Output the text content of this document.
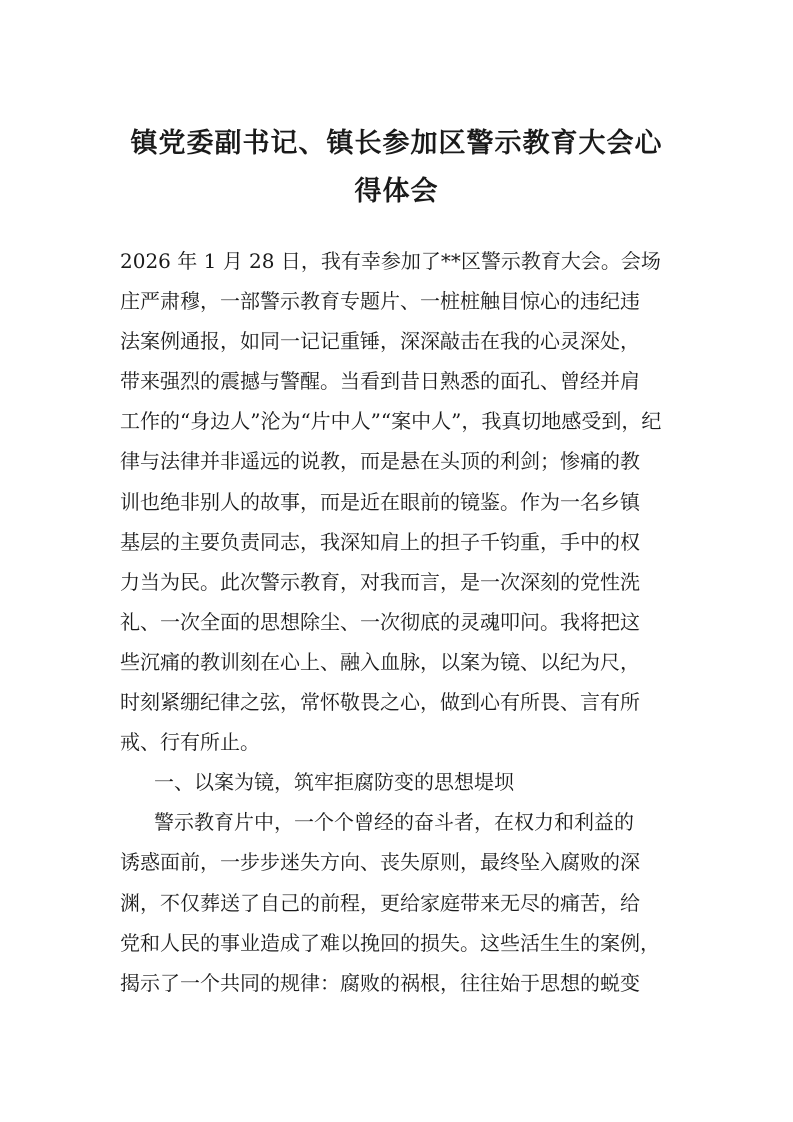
镇党委副书记、镇长参加区警示教育大会心
得体会
2026 年 1 月 28 日，我有幸参加了**区警示教育大会。会场
庄严肃穆，一部警示教育专题片、一桩桩触目惊心的违纪违
法案例通报，如同一记记重锤，深深敲击在我的心灵深处，
带来强烈的震撼与警醒。当看到昔日熟悉的面孔、曾经并肩
工作的“身边人”沦为“片中人”“案中人”，我真切地感受到，纪
律与法律并非遥远的说教，而是悬在头顶的利剑；惨痛的教
训也绝非别人的故事，而是近在眼前的镜鉴。作为一名乡镇
基层的主要负责同志，我深知肩上的担子千钧重，手中的权
力当为民。此次警示教育，对我而言，是一次深刻的党性洗
礼、一次全面的思想除尘、一次彻底的灵魂叩问。我将把这
些沉痛的教训刻在心上、融入血脉，以案为镜、以纪为尺，
时刻紧绷纪律之弦，常怀敬畏之心，做到心有所畏、言有所
戒、行有所止。
一、以案为镜，筑牢拒腐防变的思想堤坝
警示教育片中，一个个曾经的奋斗者，在权力和利益的
诱惑面前，一步步迷失方向、丧失原则，最终坠入腐败的深
渊，不仅葬送了自己的前程，更给家庭带来无尽的痛苦，给
党和人民的事业造成了难以挽回的损失。这些活生生的案例，
揭示了一个共同的规律：腐败的祸根，往往始于思想的蜕变
